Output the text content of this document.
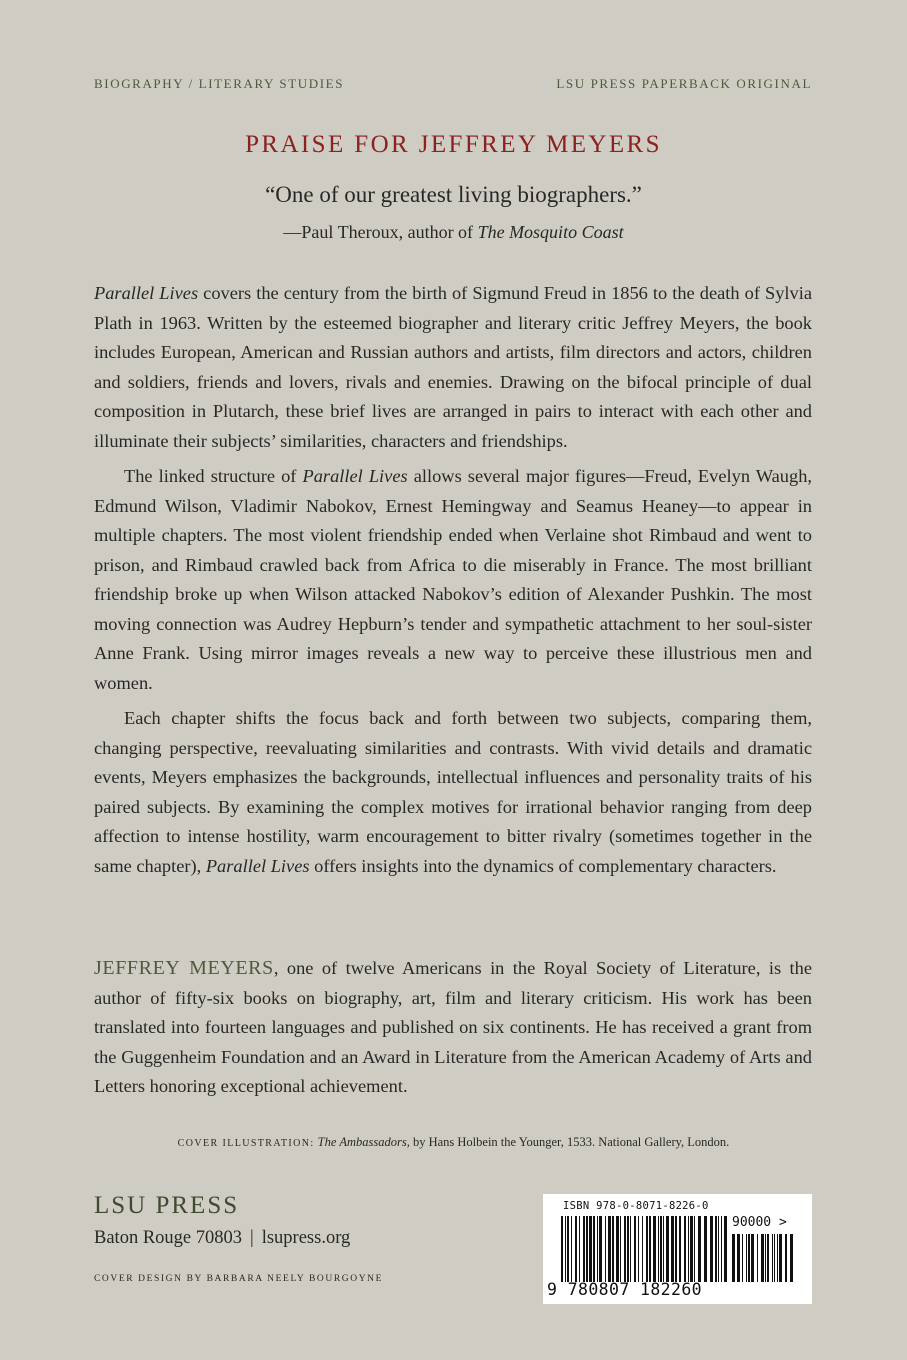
BIOGRAPHY / LITERARY STUDIES	LSU PRESS PAPERBACK ORIGINAL
PRAISE FOR JEFFREY MEYERS
“One of our greatest living biographers.”
—Paul Theroux, author of The Mosquito Coast

Parallel Lives covers the century from the birth of Sigmund Freud in 1856 to the death of Sylvia Plath in 1963. Written by the esteemed biographer and literary critic Jeffrey Meyers, the book includes European, American and Russian authors and artists, film directors and actors, children and soldiers, friends and lovers, rivals and enemies. Drawing on the bifocal principle of dual composition in Plutarch, these brief lives are arranged in pairs to interact with each other and illuminate their subjects’ similarities, characters and friendships.

The linked structure of Parallel Lives allows several major figures—Freud, Evelyn Waugh, Edmund Wilson, Vladimir Nabokov, Ernest Hemingway and Seamus Heaney—to appear in multiple chapters. The most violent friendship ended when Verlaine shot Rimbaud and went to prison, and Rimbaud crawled back from Africa to die miserably in France. The most brilliant friendship broke up when Wilson attacked Nabokov’s edition of Alexander Pushkin. The most moving connection was Audrey Hepburn’s tender and sympathetic attachment to her soul-sister Anne Frank. Using mirror images reveals a new way to perceive these illustrious men and women.

Each chapter shifts the focus back and forth between two subjects, comparing them, changing perspective, reevaluating similarities and contrasts. With vivid details and dramatic events, Meyers emphasizes the backgrounds, intellectual influences and personality traits of his paired subjects. By examining the complex motives for irrational behavior ranging from deep affection to intense hostility, warm encouragement to bitter rivalry (sometimes together in the same chapter), Parallel Lives offers insights into the dynamics of complementary characters.

JEFFREY MEYERS, one of twelve Americans in the Royal Society of Literature, is the author of fifty-six books on biography, art, film and literary criticism. His work has been translated into fourteen languages and published on six continents. He has received a grant from the Guggenheim Foundation and an Award in Literature from the American Academy of Arts and Letters honoring exceptional achievement.

COVER ILLUSTRATION: The Ambassadors, by Hans Holbein the Younger, 1533. National Gallery, London.
LSU PRESS
Baton Rouge 70803 | lsupress.org
COVER DESIGN BY BARBARA NEELY BOURGOYNE
ISBN 978-0-8071-8226-0
90000 >
9 780807 182260
